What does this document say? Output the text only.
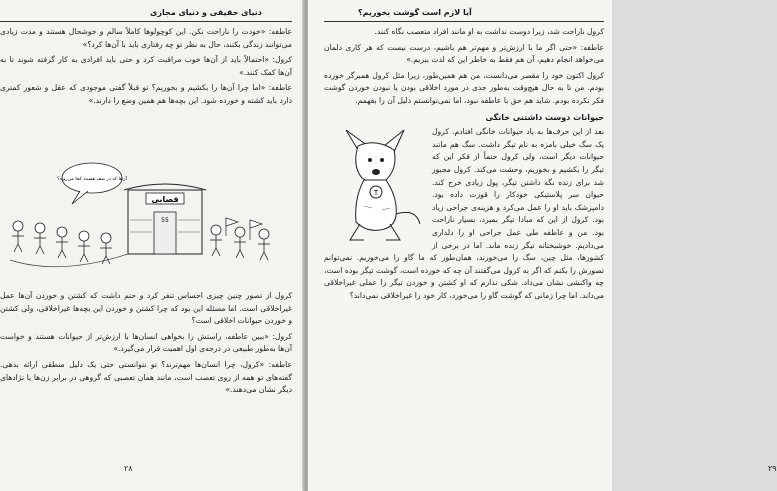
دنیای حقیقی و دنیای مجازی

عاطفه: «خودت را ناراحت نکن. این کوچولوها کاملاً سالم و خوشحال هستند و مدت زیادی می‌توانند زندگی بکنند، حال به نظر تو چه رفتاری باید با آن‌ها کرد؟»

کرول: «احتمالاً باید از آن‌ها خوب مراقبت کرد و حتی باید افرادی به کار گرفته شوند تا به آن‌ها کمک کنند.»

عاطفه: «اما چرا آن‌ها را بکشیم و بخوریم؟ تو قبلاً گفتی موجودی که عقل و شعور کمتری دارد باید کشته و خورده شود. این بچه‌ها هم همین وضع را دارند.»

آن‌ها که در صف هستند کجا می‌روند؟
قصابی
55

کرول از تصور چنین چیزی احساس تنفر کرد و حتم داشت که کشتن و خوردن آن‌ها عمل غیراخلاقی است. اما مسئله این بود که چرا کشتن و خوردن این بچه‌ها غیراخلاقی، ولی کشتن و خوردن حیوانات اخلاقی است؟

کرول: «ببین عاطفه، راستش را بخواهی انسان‌ها با ارزش‌تر از حیوانات هستند و خواست آن‌ها به‌طور طبیعی در درجه‌ی اول اهمیت قرار می‌گیرد.»

عاطفه: «کرول، چرا انسان‌ها مهم‌ترند؟ تو نتوانستی حتی یک دلیل منطقی ارائه بدهی. گفته‌های تو همه از روی تعصب است، مانند همان تعصبی که گروهی در برابر زن‌ها یا نژادهای دیگر نشان می‌دهند.»

۲۸
آیا لازم است گوشت بخوریم؟

کرول ناراحت شد، زیرا دوست نداشت به او مانند افراد متعصب نگاه کنند.

عاطفه: «حتی اگر ما با ارزش‌تر و مهم‌تر هم باشیم، درست نیست که هر کاری دلمان می‌خواهد انجام دهیم، آن هم فقط به خاطر این که لذت ببریم.»

کرول اکنون خود را مقصر می‌دانست، من هم همین‌طور، زیرا مثل کرول همبرگر خورده بودم. من تا به حال هیچ‌وقت به‌طور جدی در مورد اخلاقی بودن یا نبودن خوردن گوشت فکر نکرده بودم. شاید هم حق با عاطفه نبود، اما نمی‌توانستم دلیل آن را بفهمم.

حیوانات دوست داشتنی خانگی
T

بعد از این حرف‌ها به یاد حیوانات خانگی افتادم. کرول یک سگ خیلی بامزه به نام تیگر داشت. سگ هم مانند حیوانات دیگر است، ولی کرول حتماً از فکر این که تیگر را بکشیم و بخوریم، وحشت می‌کند. کرول مجبور شد برای زنده نگه داشتن تیگر، پول زیادی خرج کند. حیوان سر پلاستیکی خودکار را قورت داده بود. دامپزشک باید او را عمل می‌کرد و هزینه‌ی جراحی زیاد بود. کرول از این که مبادا تیگر بمیرد، بسیار ناراحت بود. من و عاطفه طی عمل جراحی او را دلداری می‌دادیم. خوشبختانه تیگر زنده ماند. اما در برخی از کشورها، مثل چین، سگ را می‌خورند، همان‌طور که ما گاو را می‌خوریم. نمی‌توانم تصورش را بکنم که اگر به کرول می‌گفتند آن چه که خورده است، گوشت تیگر بوده است، چه واکنشی نشان می‌داد. شکی ندارم که او کشتن و خوردن تیگر را عملی غیراخلاقی می‌داند. اما چرا زمانی که گوشت گاو را می‌خورد، کار خود را غیراخلاقی نمی‌داند؟

۲۹
